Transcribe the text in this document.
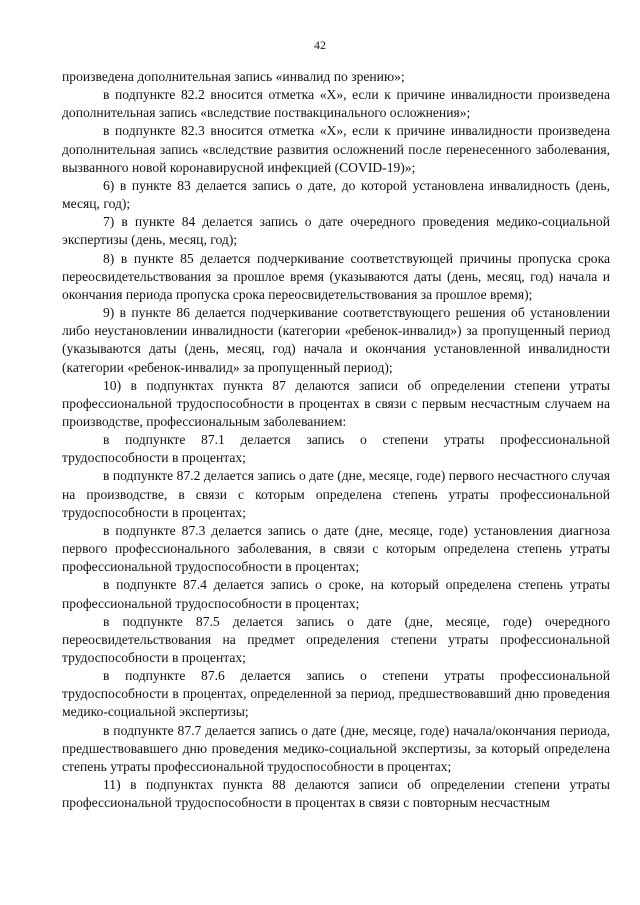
42

произведена дополнительная запись «инвалид по зрению»;

в подпункте 82.2 вносится отметка «Х», если к причине инвалидности произведена дополнительная запись «вследствие поствакцинального осложнения»;

в подпункте 82.3 вносится отметка «Х», если к причине инвалидности произведена дополнительная запись «вследствие развития осложнений после перенесенного заболевания, вызванного новой коронавирусной инфекцией (COVID-19)»;

6) в пункте 83 делается запись о дате, до которой установлена инвалидность (день, месяц, год);

7) в пункте 84 делается запись о дате очередного проведения медико-социальной экспертизы (день, месяц, год);

8) в пункте 85 делается подчеркивание соответствующей причины пропуска срока переосвидетельствования за прошлое время (указываются даты (день, месяц, год) начала и окончания периода пропуска срока переосвидетельствования за прошлое время);

9) в пункте 86 делается подчеркивание соответствующего решения об установлении либо неустановлении инвалидности (категории «ребенок-инвалид») за пропущенный период (указываются даты (день, месяц, год) начала и окончания установленной инвалидности (категории «ребенок-инвалид» за пропущенный период);

10) в подпунктах пункта 87 делаются записи об определении степени утраты профессиональной трудоспособности в процентах в связи с первым несчастным случаем на производстве, профессиональным заболеванием:

в подпункте 87.1 делается запись о степени утраты профессиональной трудоспособности в процентах;

в подпункте 87.2 делается запись о дате (дне, месяце, годе) первого несчастного случая на производстве, в связи с которым определена степень утраты профессиональной трудоспособности в процентах;

в подпункте 87.3 делается запись о дате (дне, месяце, годе) установления диагноза первого профессионального заболевания, в связи с которым определена степень утраты профессиональной трудоспособности в процентах;

в подпункте 87.4 делается запись о сроке, на который определена степень утраты профессиональной трудоспособности в процентах;

в подпункте 87.5 делается запись о дате (дне, месяце, годе) очередного переосвидетельствования на предмет определения степени утраты профессиональной трудоспособности в процентах;

в подпункте 87.6 делается запись о степени утраты профессиональной трудоспособности в процентах, определенной за период, предшествовавший дню проведения медико-социальной экспертизы;

в подпункте 87.7 делается запись о дате (дне, месяце, годе) начала/окончания периода, предшествовавшего дню проведения медико-социальной экспертизы, за который определена степень утраты профессиональной трудоспособности в процентах;

11) в подпунктах пункта 88 делаются записи об определении степени утраты профессиональной трудоспособности в процентах в связи с повторным несчастным
